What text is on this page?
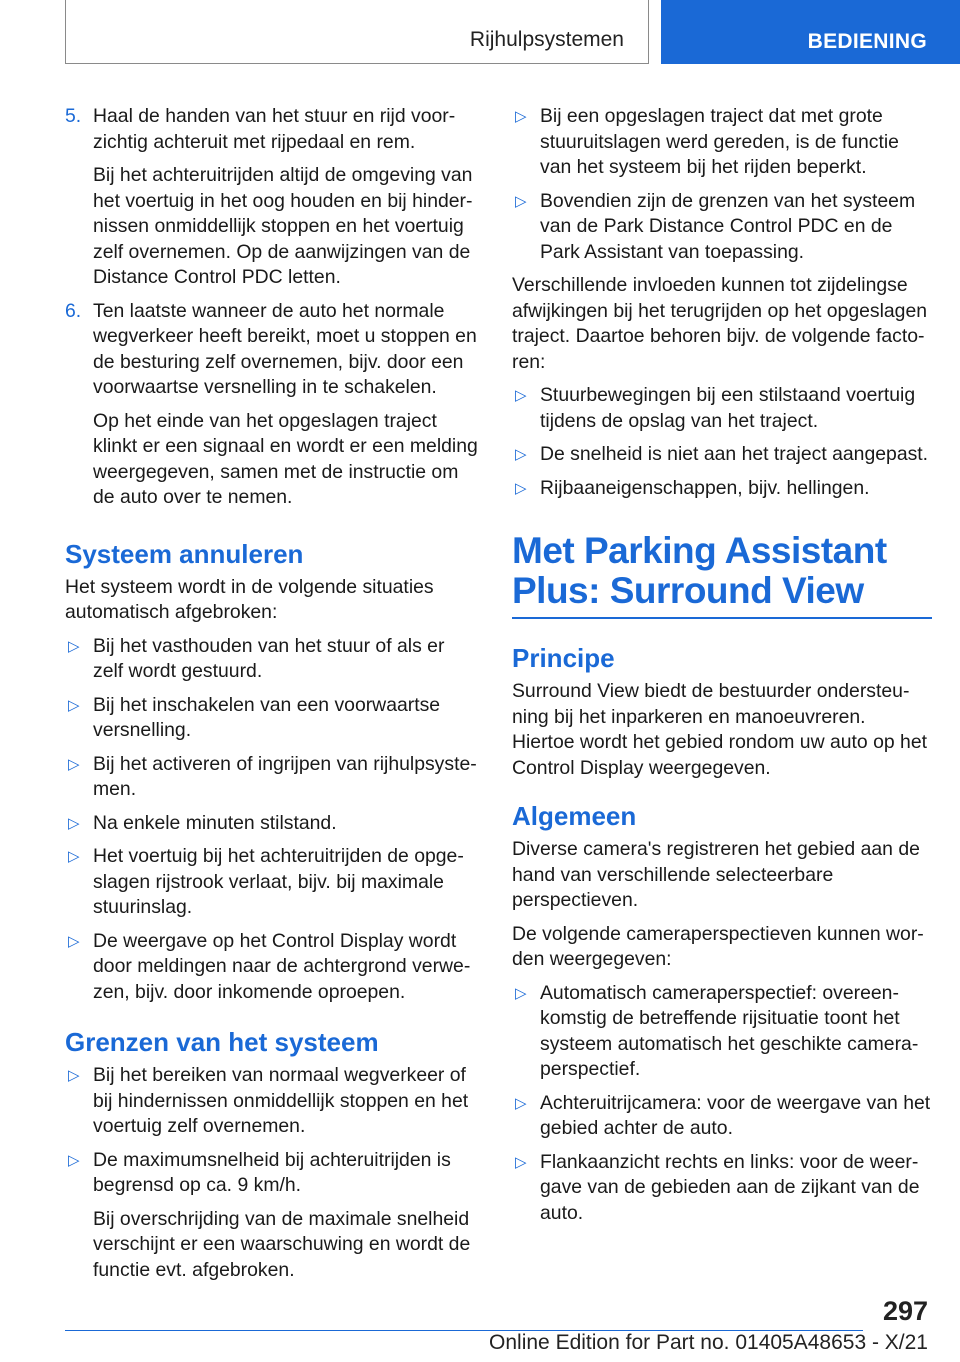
Rijhulpsystemen	BEDIENING
5. Haal de handen van het stuur en rijd voorzichtig achteruit met rijpedaal en rem.

Bij het achteruitrijden altijd de omgeving van het voertuig in het oog houden en bij hindernissen onmiddellijk stoppen en het voertuig zelf overnemen. Op de aanwijzingen van de Distance Control PDC letten.

6. Ten laatste wanneer de auto het normale wegverkeer heeft bereikt, moet u stoppen en de besturing zelf overnemen, bijv. door een voorwaartse versnelling in te schakelen.

Op het einde van het opgeslagen traject klinkt er een signaal en wordt er een melding weergegeven, samen met de instructie om de auto over te nemen.

Systeem annuleren

Het systeem wordt in de volgende situaties automatisch afgebroken:

▷ Bij het vasthouden van het stuur of als er zelf wordt gestuurd.
▷ Bij het inschakelen van een voorwaartse versnelling.
▷ Bij het activeren of ingrijpen van rijhulpsystemen.
▷ Na enkele minuten stilstand.
▷ Het voertuig bij het achteruitrijden de opgeslagen rijstrook verlaat, bijv. bij maximale stuurinslag.
▷ De weergave op het Control Display wordt door meldingen naar de achtergrond verwezen, bijv. door inkomende oproepen.
Grenzen van het systeem
▷ Bij het bereiken van normaal wegverkeer of bij hindernissen onmiddellijk stoppen en het voertuig zelf overnemen.
▷ De maximumsnelheid bij achteruitrijden is begrensd op ca. 9 km/h.

Bij overschrijding van de maximale snelheid verschijnt er een waarschuwing en wordt de functie evt. afgebroken.

▷ Bij een opgeslagen traject dat met grote stuuruitslagen werd gereden, is de functie van het systeem bij het rijden beperkt.
▷ Bovendien zijn de grenzen van het systeem van de Park Distance Control PDC en de Park Assistant van toepassing.

Verschillende invloeden kunnen tot zijdelingse afwijkingen bij het terugrijden op het opgeslagen traject. Daartoe behoren bijv. de volgende factoren:

▷ Stuurbewegingen bij een stilstaand voertuig tijdens de opslag van het traject.
▷ De snelheid is niet aan het traject aangepast.
▷ Rijbaaneigenschappen, bijv. hellingen.
Met Parking Assistant Plus: Surround View
Principe

Surround View biedt de bestuurder ondersteuning bij het inparkeren en manoeuvreren. Hiertoe wordt het gebied rondom uw auto op het Control Display weergegeven.

Algemeen

Diverse camera's registreren het gebied aan de hand van verschillende selecteerbare perspectieven.

De volgende cameraperspectieven kunnen worden weergegeven:

▷ Automatisch cameraperspectief: overeenkomstig de betreffende rijsituatie toont het systeem automatisch het geschikte cameraperspectief.
▷ Achteruitrijcamera: voor de weergave van het gebied achter de auto.
▷ Flankaanzicht rechts en links: voor de weergave van de gebieden aan de zijkant van de auto.
297
Online Edition for Part no. 01405A48653 - X/21
